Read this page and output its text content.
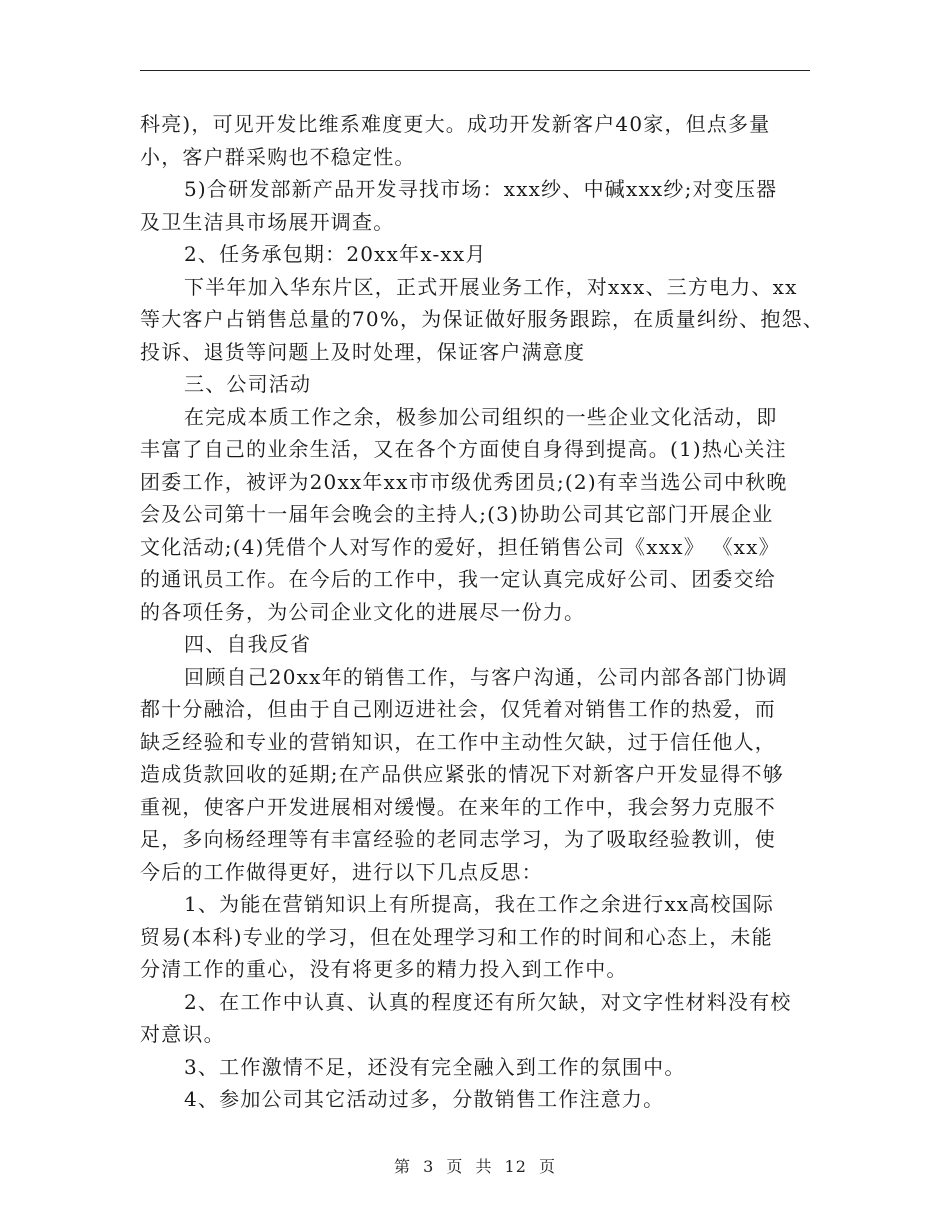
科亮)，可见开发比维系难度更大。成功开发新客户40家，但点多量
小，客户群采购也不稳定性。
5)合研发部新产品开发寻找市场：xxx纱、中碱xxx纱;对变压器
及卫生洁具市场展开调查。
2、任务承包期：20xx年x-xx月
下半年加入华东片区，正式开展业务工作，对xxx、三方电力、xx
等大客户占销售总量的70%，为保证做好服务跟踪，在质量纠纷、抱怨、
投诉、退货等问题上及时处理，保证客户满意度
三、公司活动
在完成本质工作之余，极参加公司组织的一些企业文化活动，即
丰富了自己的业余生活，又在各个方面使自身得到提高。(1)热心关注
团委工作，被评为20xx年xx市市级优秀团员;(2)有幸当选公司中秋晚
会及公司第十一届年会晚会的主持人;(3)协助公司其它部门开展企业
文化活动;(4)凭借个人对写作的爱好，担任销售公司《xxx》 《xx》
的通讯员工作。在今后的工作中，我一定认真完成好公司、团委交给
的各项任务，为公司企业文化的进展尽一份力。
四、自我反省
回顾自己20xx年的销售工作，与客户沟通，公司内部各部门协调
都十分融洽，但由于自己刚迈进社会，仅凭着对销售工作的热爱，而
缺乏经验和专业的营销知识，在工作中主动性欠缺，过于信任他人，
造成货款回收的延期;在产品供应紧张的情况下对新客户开发显得不够
重视，使客户开发进展相对缓慢。在来年的工作中，我会努力克服不
足，多向杨经理等有丰富经验的老同志学习，为了吸取经验教训，使
今后的工作做得更好，进行以下几点反思：
1、为能在营销知识上有所提高，我在工作之余进行xx高校国际
贸易(本科)专业的学习，但在处理学习和工作的时间和心态上，未能
分清工作的重心，没有将更多的精力投入到工作中。
2、在工作中认真、认真的程度还有所欠缺，对文字性材料没有校
对意识。
3、工作激情不足，还没有完全融入到工作的氛围中。
4、参加公司其它活动过多，分散销售工作注意力。
第 3 页 共 12 页
